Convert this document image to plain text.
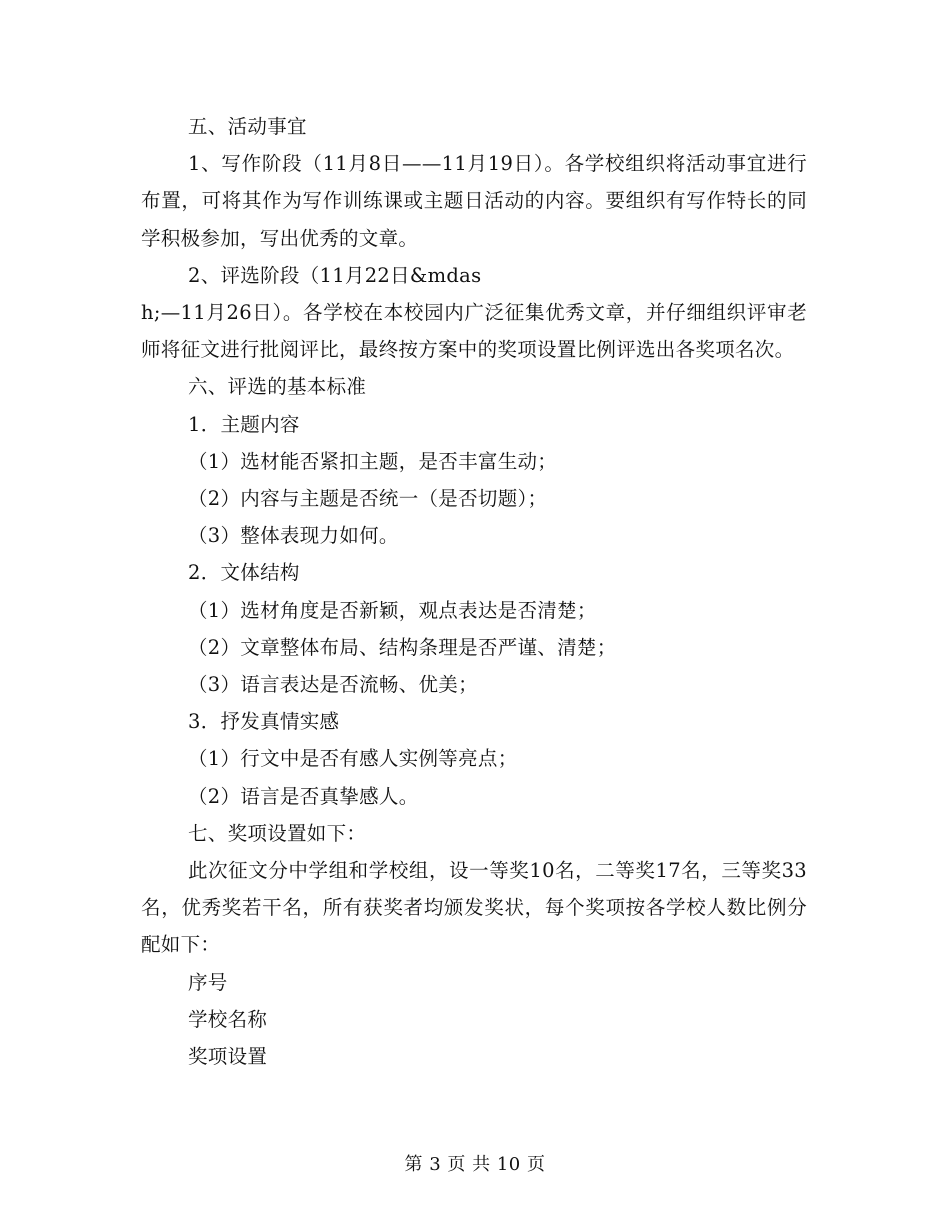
五、活动事宜

1、写作阶段（11月8日——11月19日）。各学校组织将活动事宜进行布置，可将其作为写作训练课或主题日活动的内容。要组织有写作特长的同学积极参加，写出优秀的文章。

2、评选阶段（11月22日&mdas

h;—11月26日）。各学校在本校园内广泛征集优秀文章，并仔细组织评审老师将征文进行批阅评比，最终按方案中的奖项设置比例评选出各奖项名次。

六、评选的基本标准

1．主题内容

（1）选材能否紧扣主题，是否丰富生动；

（2）内容与主题是否统一（是否切题）；

（3）整体表现力如何。

2．文体结构

（1）选材角度是否新颖，观点表达是否清楚；

（2）文章整体布局、结构条理是否严谨、清楚；

（3）语言表达是否流畅、优美；

3．抒发真情实感

（1）行文中是否有感人实例等亮点；

（2）语言是否真挚感人。

七、奖项设置如下：

此次征文分中学组和学校组，设一等奖10名，二等奖17名，三等奖33名，优秀奖若干名，所有获奖者均颁发奖状，每个奖项按各学校人数比例分配如下：

序号

学校名称

奖项设置

第 3 页 共 10 页
